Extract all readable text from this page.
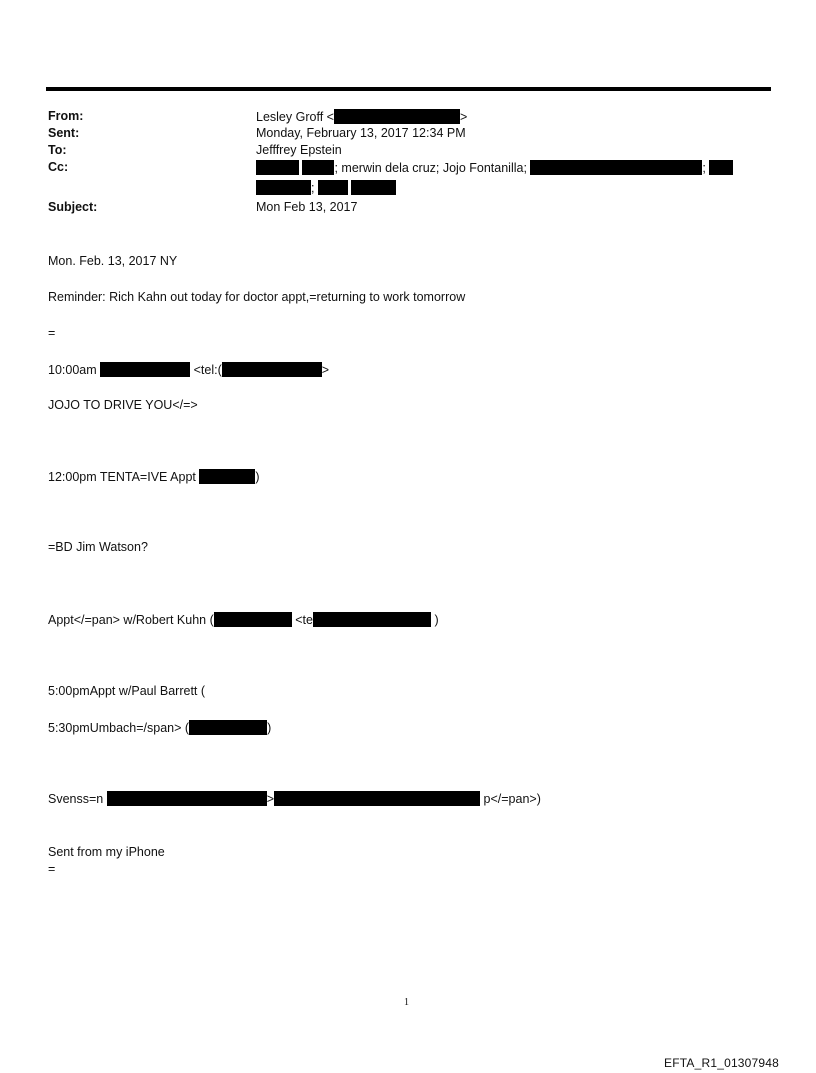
From:	Lesley Groff <	>
Sent:	Monday, February 13, 2017 12:34 PM
To:	Jefffrey Epstein
Cc:	; merwin dela cruz; Jojo Fontanilla;	;
;
Subject:	Mon Feb 13, 2017
Mon. Feb. 13, 2017 NY
Reminder: Rich Kahn out today for doctor appt,=returning to work tomorrow
=
10:00am	<tel:(	>
JOJO TO DRIVE YOU</=>
12:00pm TENTA=IVE Appt	)
=BD Jim Watson?
Appt</=pan> w/Robert Kuhn (	<te	)
5:00pmAppt w/Paul Barrett (
5:30pmUmbach=/span> (	)
Svenss=n	>	p</=pan>)
Sent from my iPhone
=
1
EFTA_R1_01307948
